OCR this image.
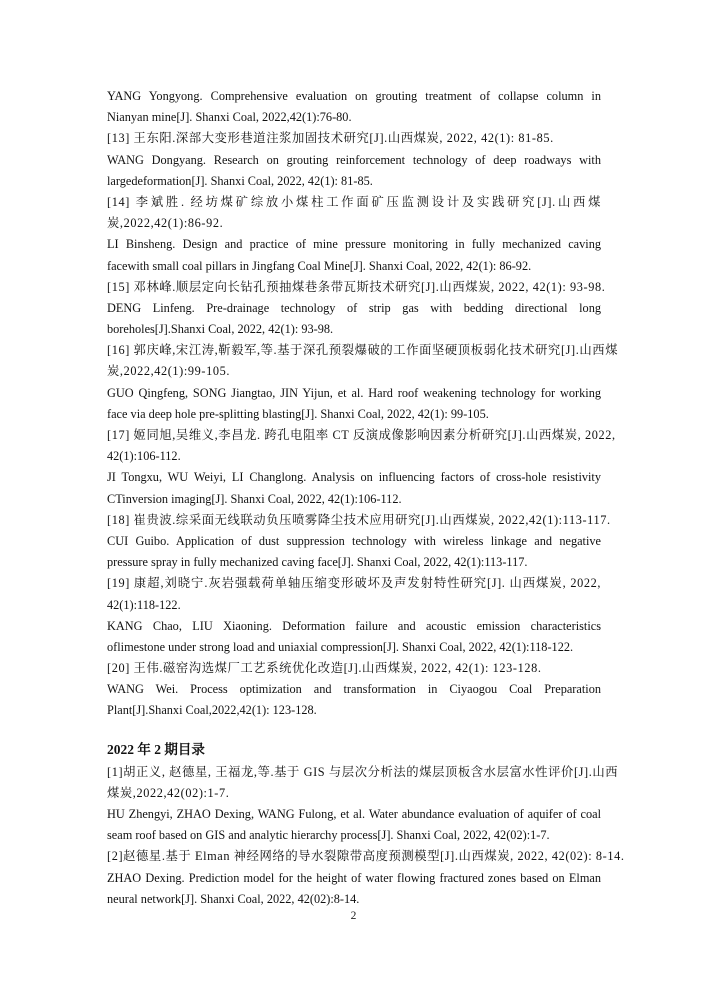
YANG Yongyong. Comprehensive evaluation on grouting treatment of collapse column in
Nianyan mine[J]. Shanxi Coal, 2022,42(1):76-80.
[13] 王东阳.深部大变形巷道注浆加固技术研究[J].山西煤炭, 2022, 42(1): 81-85.
WANG Dongyang. Research on grouting reinforcement technology of deep roadways with
largedeformation[J]. Shanxi Coal, 2022, 42(1): 81-85.
[14] 李斌胜. 经坊煤矿综放小煤柱工作面矿压监测设计及实践研究[J].山西煤
炭,2022,42(1):86-92.
LI Binsheng. Design and practice of mine pressure monitoring in fully mechanized caving
facewith small coal pillars in Jingfang Coal Mine[J]. Shanxi Coal, 2022, 42(1): 86-92.
[15] 邓林峰.顺层定向长钻孔预抽煤巷条带瓦斯技术研究[J].山西煤炭, 2022, 42(1): 93-98.
DENG Linfeng. Pre-drainage technology of strip gas with bedding directional long
boreholes[J].Shanxi Coal, 2022, 42(1): 93-98.
[16] 郭庆峰,宋江涛,靳毅军,等.基于深孔预裂爆破的工作面坚硬顶板弱化技术研究[J].山西煤
炭,2022,42(1):99-105.
GUO Qingfeng, SONG Jiangtao, JIN Yijun, et al. Hard roof weakening technology for working
face via deep hole pre-splitting blasting[J]. Shanxi Coal, 2022, 42(1): 99-105.
[17] 姬同旭,吴维义,李昌龙. 跨孔电阻率 CT 反演成像影响因素分析研究[J].山西煤炭, 2022,
42(1):106-112.
JI Tongxu, WU Weiyi, LI Changlong. Analysis on influencing factors of cross-hole resistivity
CTinversion imaging[J]. Shanxi Coal, 2022, 42(1):106-112.
[18] 崔贵波.综采面无线联动负压喷雾降尘技术应用研究[J].山西煤炭, 2022,42(1):113-117.
CUI Guibo. Application of dust suppression technology with wireless linkage and negative
pressure spray in fully mechanized caving face[J]. Shanxi Coal, 2022, 42(1):113-117.
[19] 康超,刘晓宁.灰岩强载荷单轴压缩变形破坏及声发射特性研究[J]. 山西煤炭, 2022,
42(1):118-122.
KANG Chao, LIU Xiaoning. Deformation failure and acoustic emission characteristics
oflimestone under strong load and uniaxial compression[J]. Shanxi Coal, 2022, 42(1):118-122.
[20] 王伟.磁窑沟选煤厂工艺系统优化改造[J].山西煤炭, 2022, 42(1): 123-128.
WANG Wei. Process optimization and transformation in Ciyaogou Coal Preparation
Plant[J].Shanxi Coal,2022,42(1): 123-128.
2022 年 2 期目录
[1]胡正义, 赵德星, 王福龙,等.基于 GIS 与层次分析法的煤层顶板含水层富水性评价[J].山西
煤炭,2022,42(02):1-7.
HU Zhengyi, ZHAO Dexing, WANG Fulong, et al. Water abundance evaluation of aquifer of coal
seam roof based on GIS and analytic hierarchy process[J]. Shanxi Coal, 2022, 42(02):1-7.
[2]赵德星.基于 Elman 神经网络的导水裂隙带高度预测模型[J].山西煤炭, 2022, 42(02): 8-14.
ZHAO Dexing. Prediction model for the height of water flowing fractured zones based on Elman
neural network[J]. Shanxi Coal, 2022, 42(02):8-14.
2
